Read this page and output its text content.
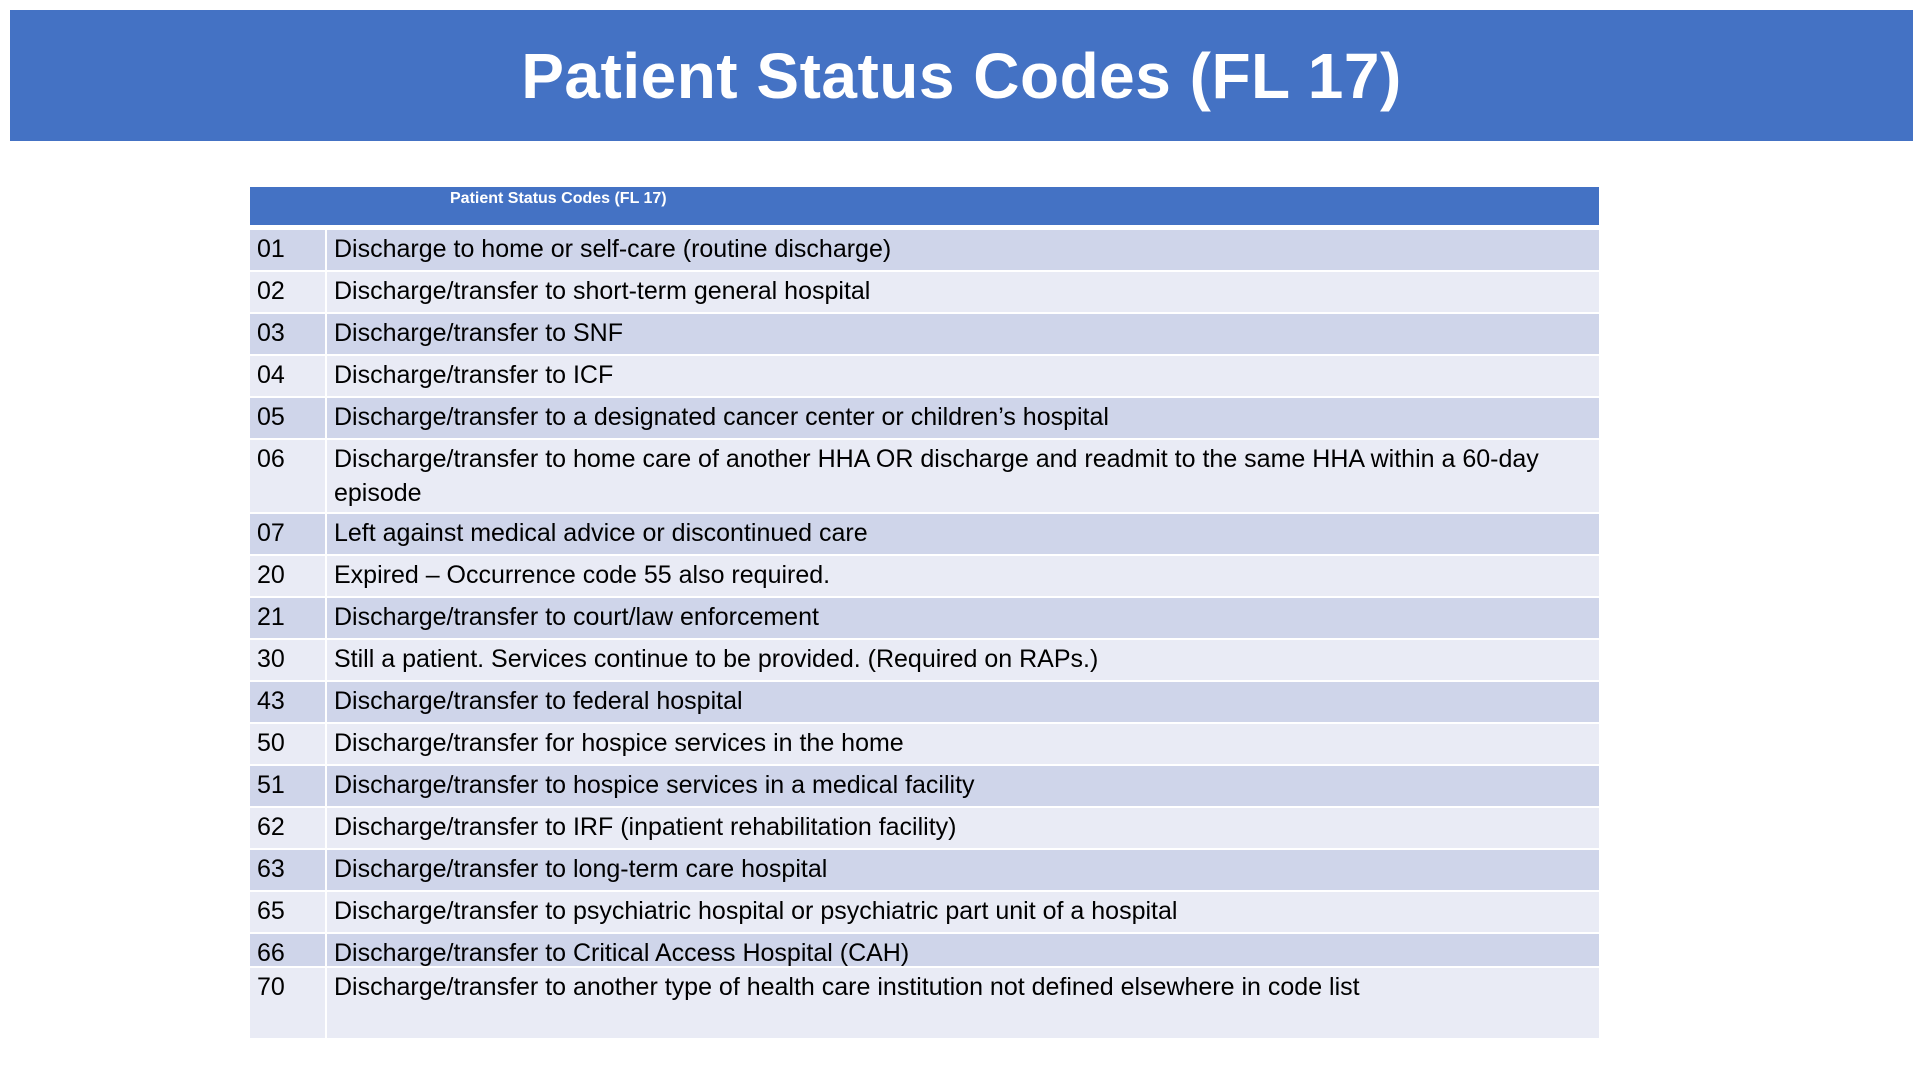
Patient Status Codes (FL 17)
Patient Status Codes (FL 17)
01	Discharge to home or self-care (routine discharge)
02	Discharge/transfer to short-term general hospital
03	Discharge/transfer to SNF
04	Discharge/transfer to ICF
05	Discharge/transfer to a designated cancer center or children’s hospital
06	Discharge/transfer to home care of another HHA OR discharge and readmit to the same HHA within a 60-day episode
07	Left against medical advice or discontinued care
20	Expired – Occurrence code 55 also required.
21	Discharge/transfer to court/law enforcement
30	Still a patient. Services continue to be provided. (Required on RAPs.)
43	Discharge/transfer to federal hospital
50	Discharge/transfer for hospice services in the home
51	Discharge/transfer to hospice services in a medical facility
62	Discharge/transfer to IRF (inpatient rehabilitation facility)
63	Discharge/transfer to long-term care hospital
65	Discharge/transfer to psychiatric hospital or psychiatric part unit of a hospital
66	Discharge/transfer to Critical Access Hospital (CAH)
70	Discharge/transfer to another type of health care institution not defined elsewhere in code list
